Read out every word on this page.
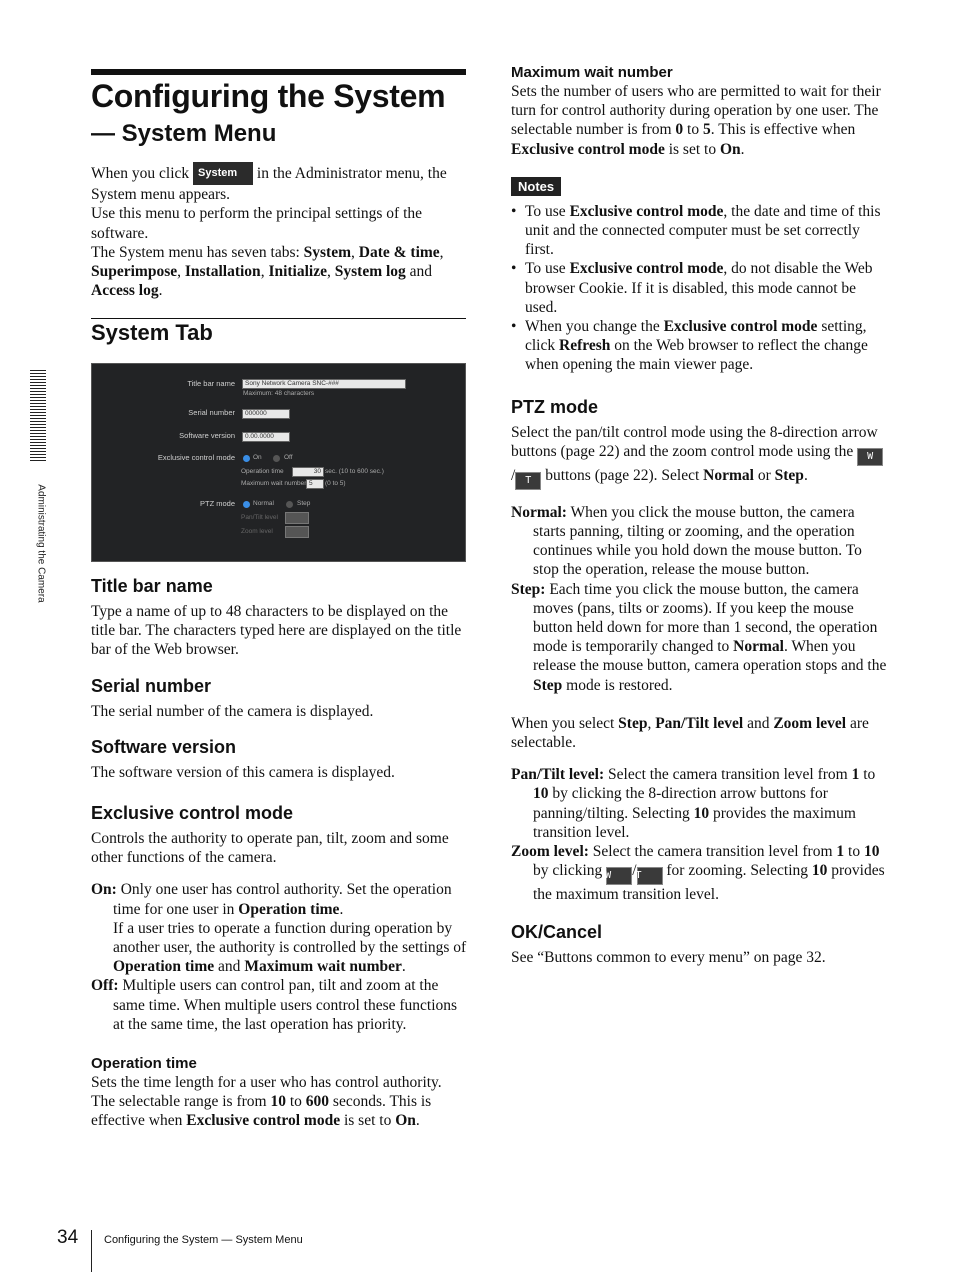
Configuring the System
— System Menu

When you click System in the Administrator menu, the System menu appears.

Use this menu to perform the principal settings of the software.

The System menu has seven tabs: System, Date & time, Superimpose, Installation, Initialize, System log and Access log.

System Tab
Title bar name	Sony Network Camera SNC-###
Maximum: 48 characters
Serial number	000000
Software version	0.00.0000
Exclusive control mode	On	Off
Operation time	30 sec. (10 to 600 sec.)
Maximum wait number 5	(0 to 5)
PTZ mode	Normal	Step
Pan/Tilt level
Zoom level
Title bar name

Type a name of up to 48 characters to be displayed on the title bar. The characters typed here are displayed on the title bar of the Web browser.

Serial number

The serial number of the camera is displayed.

Software version

The software version of this camera is displayed.

Exclusive control mode

Controls the authority to operate pan, tilt, zoom and some other functions of the camera.

On: Only one user has control authority. Set the operation time for one user in Operation time.

If a user tries to operate a function during operation by another user, the authority is controlled by the settings of Operation time and Maximum wait number.

Off: Multiple users can control pan, tilt and zoom at the same time. When multiple users control these functions at the same time, the last operation has priority.

Operation time

Sets the time length for a user who has control authority. The selectable range is from 10 to 600 seconds. This is effective when Exclusive control mode is set to On.

Maximum wait number

Sets the number of users who are permitted to wait for their turn for control authority during operation by one user. The selectable number is from 0 to 5. This is effective when Exclusive control mode is set to On.

Notes
• To use Exclusive control mode, the date and time of this unit and the connected computer must be set correctly first.
• To use Exclusive control mode, do not disable the Web browser Cookie. If it is disabled, this mode cannot be used.
• When you change the Exclusive control mode setting, click Refresh on the Web browser to reflect the change when opening the main viewer page.
PTZ mode

Select the pan/tilt control mode using the 8-direction arrow buttons (page 22) and the zoom control mode using the W/ T buttons (page 22). Select Normal or Step.

Normal: When you click the mouse button, the camera starts panning, tilting or zooming, and the operation continues while you hold down the mouse button. To stop the operation, release the mouse button.

Step: Each time you click the mouse button, the camera moves (pans, tilts or zooms). If you keep the mouse button held down for more than 1 second, the operation mode is temporarily changed to Normal. When you release the mouse button, camera operation stops and the Step mode is restored.

When you select Step, Pan/Tilt level and Zoom level are selectable.

Pan/Tilt level: Select the camera transition level from 1 to 10 by clicking the 8-direction arrow buttons for panning/tilting. Selecting 10 provides the maximum transition level.

Zoom level: Select the camera transition level from 1 to 10 by clicking W /T for zooming. Selecting 10 provides the maximum transition level.

OK/Cancel

See “Buttons common to every menu” on page 32.

Administrating the Camera
34 Configuring the System — System Menu
